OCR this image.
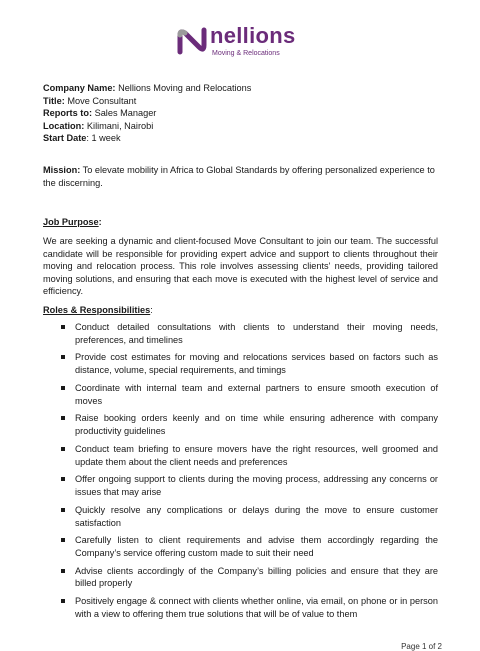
nellions
Moving & Relocations
Company Name: Nellions Moving and Relocations
Title: Move Consultant
Reports to: Sales Manager
Location: Kilimani, Nairobi
Start Date: 1 week
Mission: To elevate mobility in Africa to Global Standards by offering personalized experience to the discerning.
Job Purpose:
We are seeking a dynamic and client-focused Move Consultant to join our team. The successful candidate will be responsible for providing expert advice and support to clients throughout their moving and relocation process. This role involves assessing clients' needs, providing tailored moving solutions, and ensuring that each move is executed with the highest level of service and efficiency.
Roles & Responsibilities:
Conduct detailed consultations with clients to understand their moving needs, preferences, and timelines
Provide cost estimates for moving and relocations services based on factors such as distance, volume, special requirements, and timings
Coordinate with internal team and external partners to ensure smooth execution of moves
Raise booking orders keenly and on time while ensuring adherence with company productivity guidelines
Conduct team briefing to ensure movers have the right resources, well groomed and update them about the client needs and preferences
Offer ongoing support to clients during the moving process, addressing any concerns or issues that may arise
Quickly resolve any complications or delays during the move to ensure customer satisfaction
Carefully listen to client requirements and advise them accordingly regarding the Company’s service offering custom made to suit their need
Advise clients accordingly of the Company’s billing policies and ensure that they are billed properly
Positively engage & connect with clients whether online, via email, on phone or in person with a view to offering them true solutions that will be of value to them
Page 1 of 2
